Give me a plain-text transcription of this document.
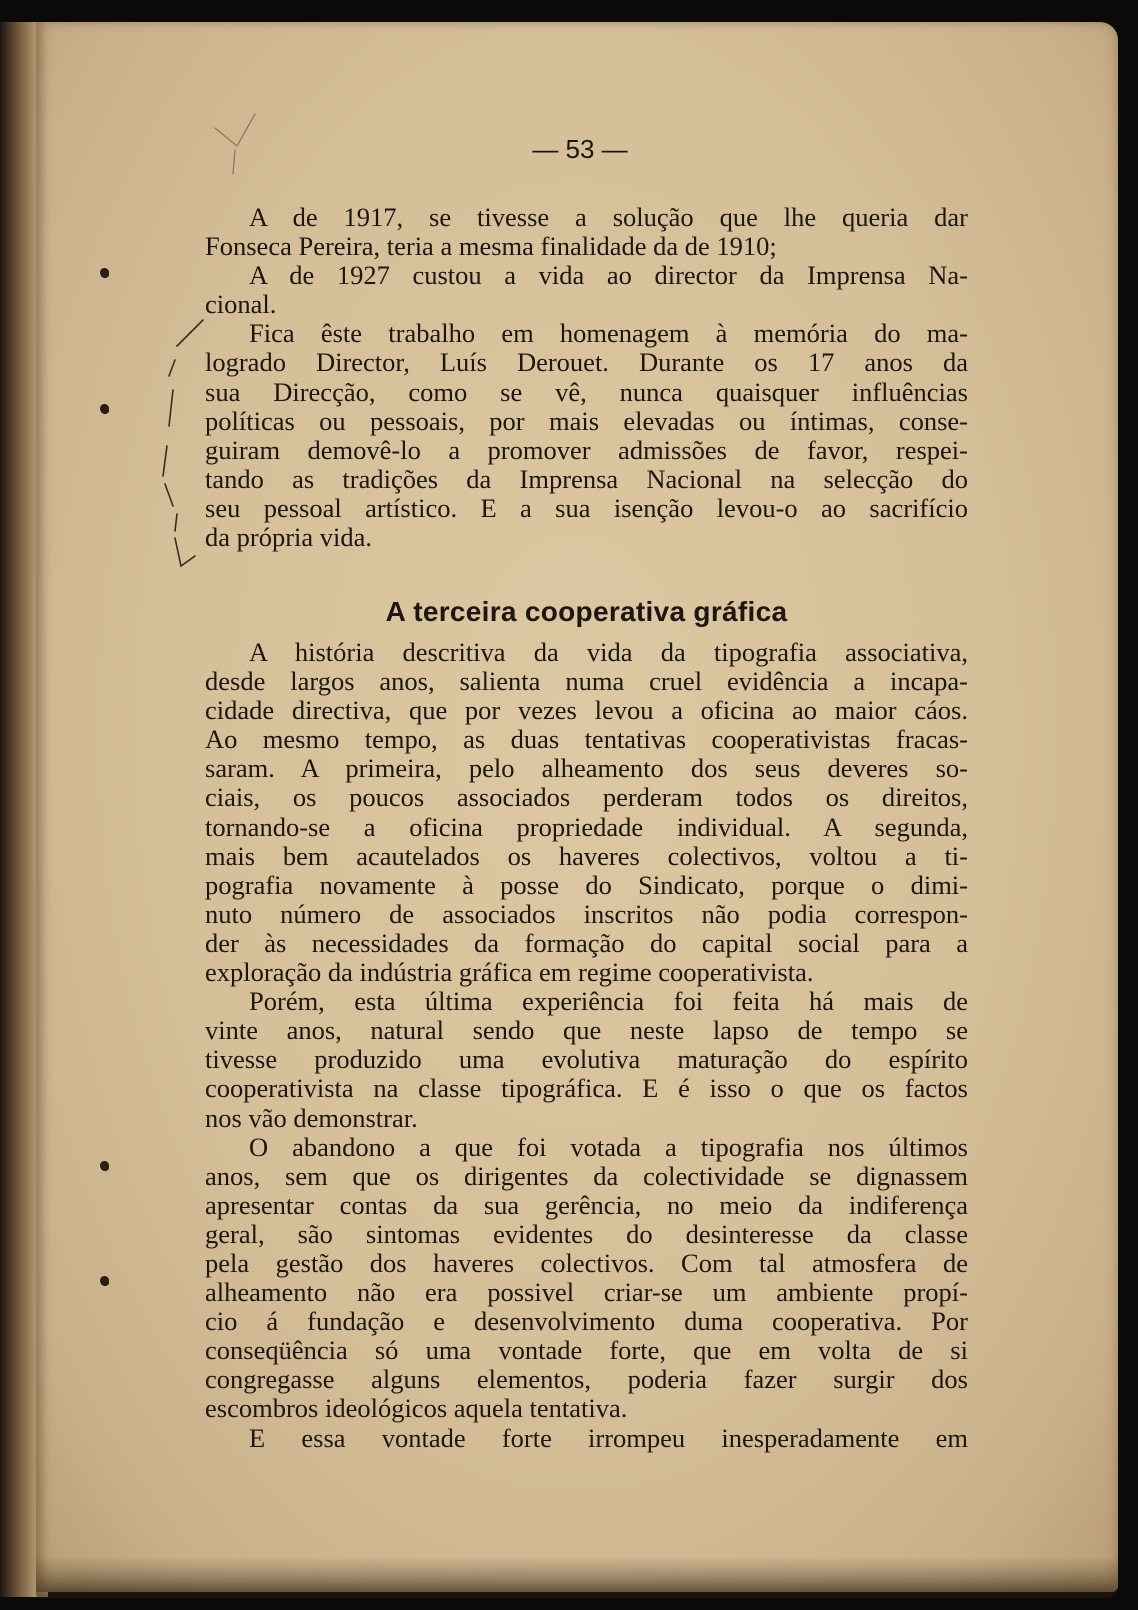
— 53 —
A de 1917, se tivesse a solução que lhe queria dar
Fonseca Pereira, teria a mesma finalidade da de 1910;
A de 1927 custou a vida ao director da Imprensa Na-
cional.
Fica êste trabalho em homenagem à memória do ma-
logrado Director, Luís Derouet. Durante os 17 anos da
sua Direcção, como se vê, nunca quaisquer influências
políticas ou pessoais, por mais elevadas ou íntimas, conse-
guiram demovê-lo a promover admissões de favor, respei-
tando as tradições da Imprensa Nacional na selecção do
seu pessoal artístico. E a sua isenção levou-o ao sacrifício
da própria vida.
A terceira cooperativa gráfica
A história descritiva da vida da tipografia associativa,
desde largos anos, salienta numa cruel evidência a incapa-
cidade directiva, que por vezes levou a oficina ao maior cáos.
Ao mesmo tempo, as duas tentativas cooperativistas fracas-
saram. A primeira, pelo alheamento dos seus deveres so-
ciais, os poucos associados perderam todos os direitos,
tornando-se a oficina propriedade individual. A segunda,
mais bem acautelados os haveres colectivos, voltou a ti-
pografia novamente à posse do Sindicato, porque o dimi-
nuto número de associados inscritos não podia correspon-
der às necessidades da formação do capital social para a
exploração da indústria gráfica em regime cooperativista.
Porém, esta última experiência foi feita há mais de
vinte anos, natural sendo que neste lapso de tempo se
tivesse produzido uma evolutiva maturação do espírito
cooperativista na classe tipográfica. E é isso o que os factos
nos vão demonstrar.
O abandono a que foi votada a tipografia nos últimos
anos, sem que os dirigentes da colectividade se dignassem
apresentar contas da sua gerência, no meio da indiferença
geral, são sintomas evidentes do desinteresse da classe
pela gestão dos haveres colectivos. Com tal atmosfera de
alheamento não era possivel criar-se um ambiente propí-
cio á fundação e desenvolvimento duma cooperativa. Por
conseqüência só uma vontade forte, que em volta de si
congregasse alguns elementos, poderia fazer surgir dos
escombros ideológicos aquela tentativa.
E essa vontade forte irrompeu inesperadamente em
